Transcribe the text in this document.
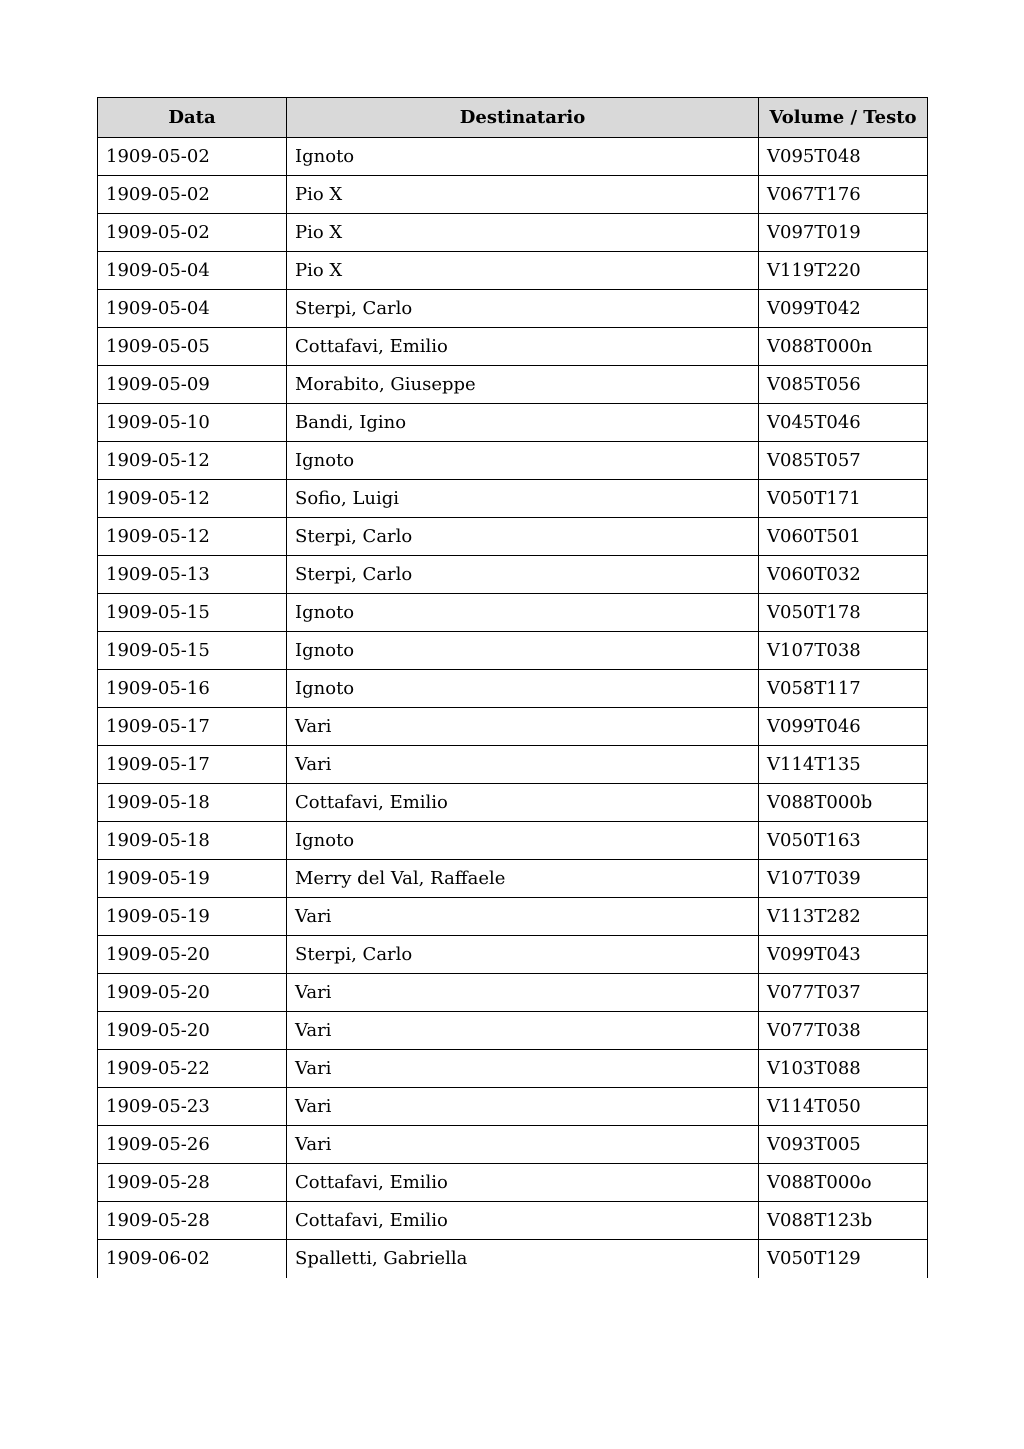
Data	Destinatario	Volume / Testo
1909-05-02	Ignoto	V095T048
1909-05-02	Pio X	V067T176
1909-05-02	Pio X	V097T019
1909-05-04	Pio X	V119T220
1909-05-04	Sterpi, Carlo	V099T042
1909-05-05	Cottafavi, Emilio	V088T000n
1909-05-09	Morabito, Giuseppe	V085T056
1909-05-10	Bandi, Igino	V045T046
1909-05-12	Ignoto	V085T057
1909-05-12	Sofio, Luigi	V050T171
1909-05-12	Sterpi, Carlo	V060T501
1909-05-13	Sterpi, Carlo	V060T032
1909-05-15	Ignoto	V050T178
1909-05-15	Ignoto	V107T038
1909-05-16	Ignoto	V058T117
1909-05-17	Vari	V099T046
1909-05-17	Vari	V114T135
1909-05-18	Cottafavi, Emilio	V088T000b
1909-05-18	Ignoto	V050T163
1909-05-19	Merry del Val, Raffaele	V107T039
1909-05-19	Vari	V113T282
1909-05-20	Sterpi, Carlo	V099T043
1909-05-20	Vari	V077T037
1909-05-20	Vari	V077T038
1909-05-22	Vari	V103T088
1909-05-23	Vari	V114T050
1909-05-26	Vari	V093T005
1909-05-28	Cottafavi, Emilio	V088T000o
1909-05-28	Cottafavi, Emilio	V088T123b
1909-06-02	Spalletti, Gabriella	V050T129
